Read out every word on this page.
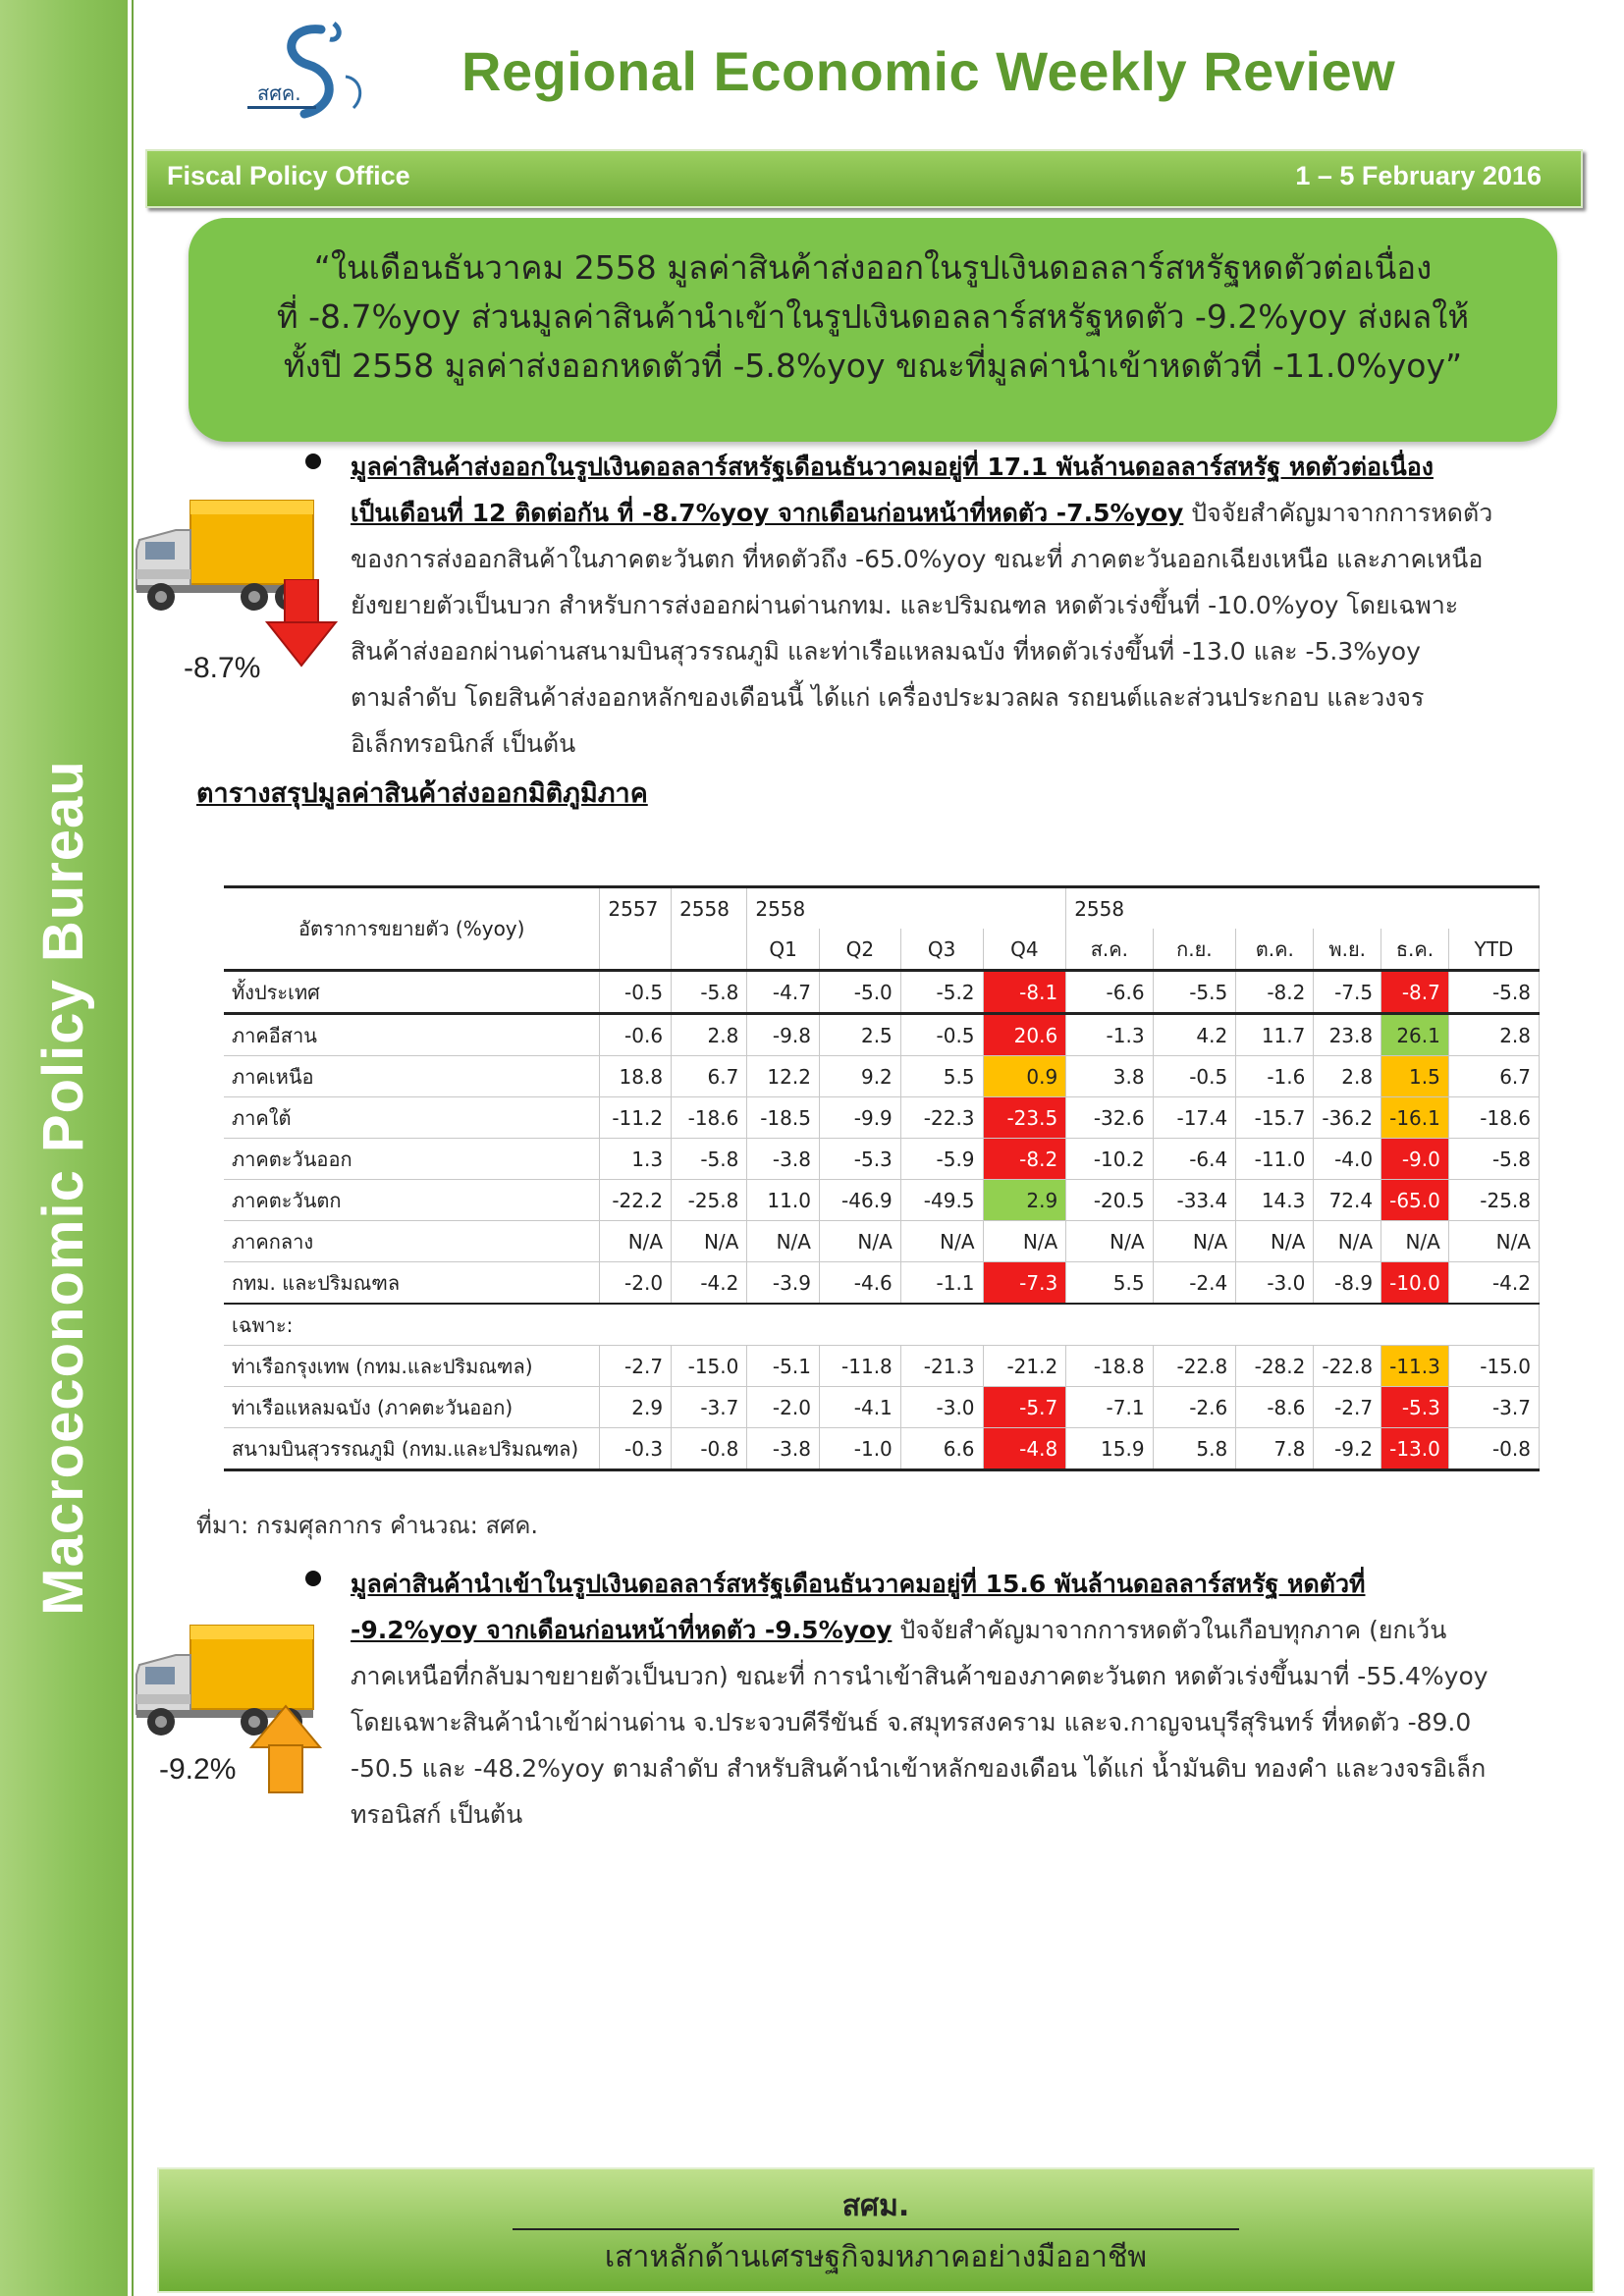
Macroeconomic Policy Bureau
สศค.	Regional Economic Weekly Review
Fiscal Policy Office	1 – 5 February 2016
“ในเดือนธันวาคม 2558 มูลค่าสินค้าส่งออกในรูปเงินดอลลาร์สหรัฐหดตัวต่อเนื่อง
ที่ -8.7%yoy ส่วนมูลค่าสินค้านำเข้าในรูปเงินดอลลาร์สหรัฐหดตัว -9.2%yoy ส่งผลให้
ทั้งปี 2558 มูลค่าส่งออกหดตัวที่ -5.8%yoy ขณะที่มูลค่านำเข้าหดตัวที่ -11.0%yoy”
-8.7%
มูลค่าสินค้าส่งออกในรูปเงินดอลลาร์สหรัฐเดือนธันวาคมอยู่ที่ 17.1 พันล้านดอลลาร์สหรัฐ หดตัวต่อเนื่อง
เป็นเดือนที่ 12 ติดต่อกัน ที่ -8.7%yoy จากเดือนก่อนหน้าที่หดตัว -7.5%yoy ปัจจัยสำคัญมาจากการหดตัว
ของการส่งออกสินค้าในภาคตะวันตก ที่หดตัวถึง -65.0%yoy ขณะที่ ภาคตะวันออกเฉียงเหนือ และภาคเหนือ
ยังขยายตัวเป็นบวก สำหรับการส่งออกผ่านด่านกทม. และปริมณฑล หดตัวเร่งขึ้นที่ -10.0%yoy โดยเฉพาะ
สินค้าส่งออกผ่านด่านสนามบินสุวรรณภูมิ และท่าเรือแหลมฉบัง ที่หดตัวเร่งขึ้นที่ -13.0 และ -5.3%yoy
ตามลำดับ โดยสินค้าส่งออกหลักของเดือนนี้ ได้แก่ เครื่องประมวลผล รถยนต์และส่วนประกอบ และวงจร
อิเล็กทรอนิกส์ เป็นต้น
ตารางสรุปมูลค่าสินค้าส่งออกมิติภูมิภาค
อัตราการขยายตัว (%yoy)	2557	2558	2558				2558					
			Q1	Q2	Q3	Q4	ส.ค.	ก.ย.	ต.ค.	พ.ย.	ธ.ค.	YTD
ทั้งประเทศ	-0.5	-5.8	-4.7	-5.0	-5.2	-8.1	-6.6	-5.5	-8.2	-7.5	-8.7	-5.8
ภาคอีสาน	-0.6	2.8	-9.8	2.5	-0.5	20.6	-1.3	4.2	11.7	23.8	26.1	2.8
ภาคเหนือ	18.8	6.7	12.2	9.2	5.5	0.9	3.8	-0.5	-1.6	2.8	1.5	6.7
ภาคใต้	-11.2	-18.6	-18.5	-9.9	-22.3	-23.5	-32.6	-17.4	-15.7	-36.2	-16.1	-18.6
ภาคตะวันออก	1.3	-5.8	-3.8	-5.3	-5.9	-8.2	-10.2	-6.4	-11.0	-4.0	-9.0	-5.8
ภาคตะวันตก	-22.2	-25.8	11.0	-46.9	-49.5	2.9	-20.5	-33.4	14.3	72.4	-65.0	-25.8
ภาคกลาง	N/A	N/A	N/A	N/A	N/A	N/A	N/A	N/A	N/A	N/A	N/A	N/A
กทม. และปริมณฑล	-2.0	-4.2	-3.9	-4.6	-1.1	-7.3	5.5	-2.4	-3.0	-8.9	-10.0	-4.2
เฉพาะ:												
ท่าเรือกรุงเทพ (กทม.และปริมณฑล)	-2.7	-15.0	-5.1	-11.8	-21.3	-21.2	-18.8	-22.8	-28.2	-22.8	-11.3	-15.0
ท่าเรือแหลมฉบัง (ภาคตะวันออก)	2.9	-3.7	-2.0	-4.1	-3.0	-5.7	-7.1	-2.6	-8.6	-2.7	-5.3	-3.7
สนามบินสุวรรณภูมิ (กทม.และปริมณฑล)	-0.3	-0.8	-3.8	-1.0	6.6	-4.8	15.9	5.8	7.8	-9.2	-13.0	-0.8
ที่มา: กรมศุลกากร คำนวณ: สศค.
-9.2%
มูลค่าสินค้านำเข้าในรูปเงินดอลลาร์สหรัฐเดือนธันวาคมอยู่ที่ 15.6 พันล้านดอลลาร์สหรัฐ หดตัวที่
-9.2%yoy จากเดือนก่อนหน้าที่หดตัว -9.5%yoy ปัจจัยสำคัญมาจากการหดตัวในเกือบทุกภาค (ยกเว้น
ภาคเหนือที่กลับมาขยายตัวเป็นบวก) ขณะที่ การนำเข้าสินค้าของภาคตะวันตก หดตัวเร่งขึ้นมาที่ -55.4%yoy
โดยเฉพาะสินค้านำเข้าผ่านด่าน จ.ประจวบคีรีขันธ์ จ.สมุทรสงคราม และจ.กาญจนบุรีสุรินทร์ ที่หดตัว -89.0
-50.5 และ -48.2%yoy ตามลำดับ สำหรับสินค้านำเข้าหลักของเดือน ได้แก่ น้ำมันดิบ ทองคำ และวงจรอิเล็ก
ทรอนิสก์ เป็นต้น
สศม.
เสาหลักด้านเศรษฐกิจมหภาคอย่างมืออาชีพ
